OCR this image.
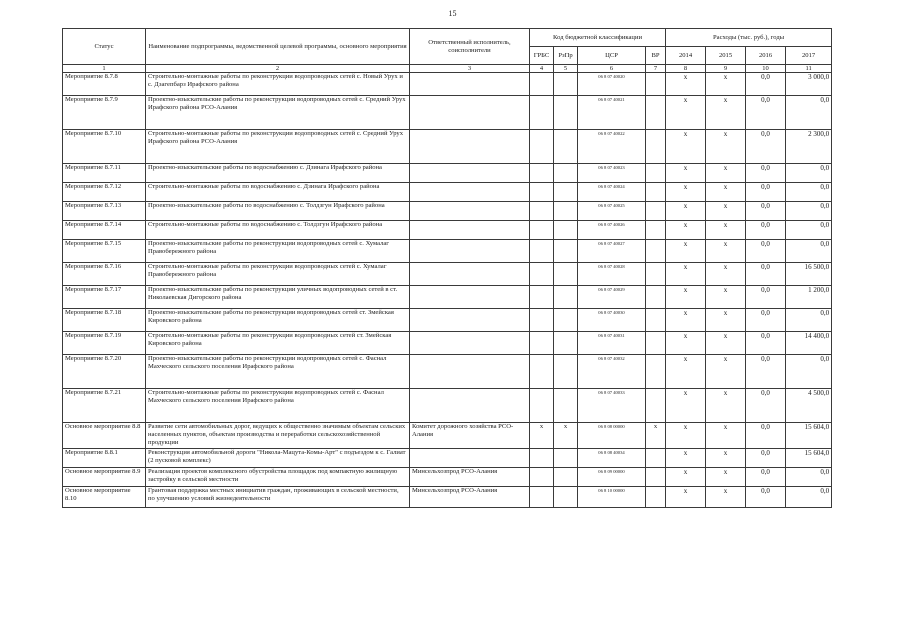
15
Статус	Наименование подпрограммы, ведомственной целевой программы, основного мероприятия	Ответственный исполнитель, соисполнители	Код бюджетной классификации				Расходы (тыс. руб.), годы			
			ГРБС	РзПр	ЦСР	ВР	2014	2015	2016	2017
1	2	3	4	5	6	7	8	9	10	11
Мероприятие 8.7.8	Строительно-монтажные работы по реконструкции водопроводных сетей с. Новый Урух и с. Дзагепбарз Ирафского района				06 8 07 40020		x	x	0,0	3 000,0
Мероприятие 8.7.9	Проектно-изыскательские работы по реконструкции водопроводных сетей с. Средний Урух Ирафского района РСО-Алания				06 8 07 40021		x	x	0,0	0,0
Мероприятие 8.7.10	Строительно-монтажные работы по реконструкции водопроводных сетей с. Средний Урух Ирафского района РСО-Алания				06 8 07 40022		x	x	0,0	2 300,0
Мероприятие 8.7.11	Проектно-изыскательские работы по водоснабжению с. Дзинага Ирафского района				06 8 07 40023		x	x	0,0	0,0
Мероприятие 8.7.12	Строительно-монтажные работы по водоснабжению с. Дзинага Ирафского района				06 8 07 40024		x	x	0,0	0,0
Мероприятие 8.7.13	Проектно-изыскательские работы по водоснабжению с. Толдзгун Ирафского района				06 8 07 40025		x	x	0,0	0,0
Мероприятие 8.7.14	Строительно-монтажные работы по водоснабжению с. Толдзгун Ирафского района				06 8 07 40026		x	x	0,0	0,0
Мероприятие 8.7.15	Проектно-изыскательские работы по реконструкции водопроводных сетей с. Хумалаг Правобережного района				06 8 07 40027		x	x	0,0	0,0
Мероприятие 8.7.16	Строительно-монтажные работы по реконструкции водопроводных сетей с. Хумалаг Правобережного района				06 8 07 40028		x	x	0,0	16 500,0
Мероприятие 8.7.17	Проектно-изыскательские работы по реконструкции уличных водопроводных сетей в ст. Николаевская Дигорского района				06 8 07 40029		x	x	0,0	1 200,0
Мероприятие 8.7.18	Проектно-изыскательские работы по реконструкции водопроводных сетей ст. Змейская Кировского района				06 8 07 40030		x	x	0,0	0,0
Мероприятие 8.7.19	Строительно-монтажные работы по реконструкции водопроводных сетей ст. Змейская Кировского района				06 8 07 40031		x	x	0,0	14 400,0
Мероприятие 8.7.20	Проектно-изыскательские работы по реконструкции водопроводных сетей с. Фаснал Махческого сельского поселения Ирафского района				06 8 07 40032		x	x	0,0	0,0
Мероприятие 8.7.21	Строительно-монтажные работы по реконструкции водопроводных сетей с. Фаснал Махческого сельского поселения Ирафского района				06 8 07 40033		x	x	0,0	4 500,0
Основное мероприятие 8.8	Развитие сети автомобильных дорог, ведущих к общественно значимым объектам сельских населенных пунктов, объектам производства и переработки сельскохозяйственной продукции	Комитет дорожного хозяйства РСО-Алания	x	x	06 8 08 00000	x	x	x	0,0	15 604,0
Мероприятие 8.8.1	Реконструкция автомобильной дороги "Никола-Мацута-Комы-Арт" с подъездом к с. Галиат (2 пусковой комплекс)				06 8 08 40034		x	x	0,0	15 604,0
Основное мероприятие 8.9	Реализация проектов комплексного обустройства площадок под компактную жилищную застройку в сельской местности	Минсельхозпрод РСО-Алания			06 8 09 00000		x	x	0,0	0,0
Основное мероприятие 8.10	Грантовая поддержка местных инициатив граждан, проживающих в сельской местности, по улучшению условий жизнедеятельности	Минсельхозпрод РСО-Алания			06 8 10 00000		x	x	0,0	0,0
